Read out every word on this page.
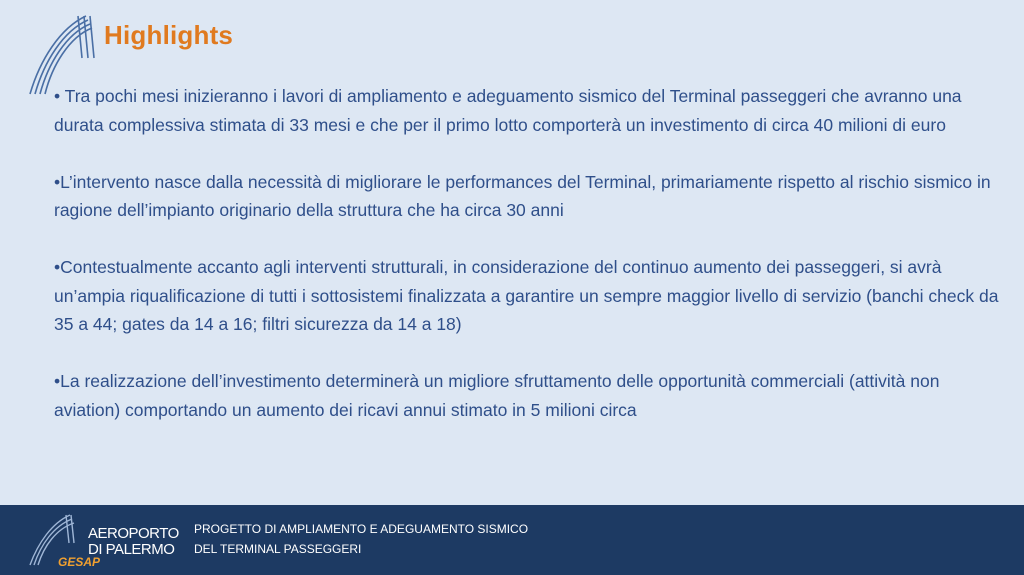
Highlights

• Tra pochi mesi inizieranno i lavori di ampliamento e adeguamento sismico del Terminal passeggeri che avranno una durata complessiva stimata di 33 mesi e che per il primo lotto comporterà un investimento di circa 40 milioni di euro

•L’intervento nasce dalla necessità di migliorare le performances del Terminal, primariamente rispetto al rischio sismico in ragione dell’impianto originario della struttura che ha circa 30 anni

•Contestualmente accanto agli interventi strutturali, in considerazione del continuo aumento dei passeggeri, si avrà un’ampia riqualificazione di tutti i sottosistemi finalizzata a garantire un sempre maggior livello di servizio (banchi check da 35 a 44; gates da 14 a 16; filtri sicurezza da 14 a 18)

•La realizzazione dell’investimento determinerà un migliore sfruttamento delle opportunità commerciali (attività non aviation) comportando un aumento dei ricavi annui stimato in 5 milioni circa

AEROPORTO
DI PALERMO
GESAP
PROGETTO DI AMPLIAMENTO E ADEGUAMENTO SISMICO
DEL TERMINAL PASSEGGERI
